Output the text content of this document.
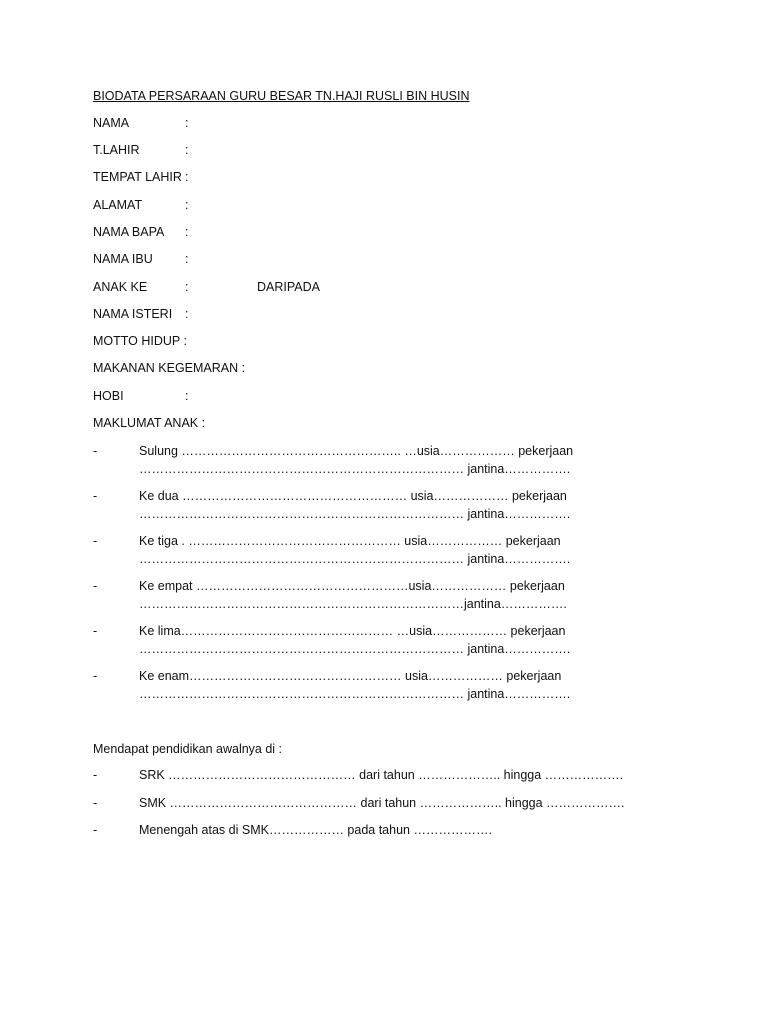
BIODATA PERSARAAN GURU BESAR TN.HAJI RUSLI BIN HUSIN
NAMA	:
T.LAHIR	:
TEMPAT LAHIR :
ALAMAT	:
NAMA BAPA :
NAMA IBU	:
ANAK KE	:	DARIPADA
NAMA ISTERI :
MOTTO HIDUP :
MAKANAN KEGEMARAN :
HOBI	:
MAKLUMAT ANAK :
-	Sulung …………………………………………….. …usia……………… pekerjaan
…………………………………………………………………… jantina…………….
-	Ke dua ……………………………………………… usia……………… pekerjaan
…………………………………………………………………… jantina…………….
-	Ke tiga . …………………………………………… usia……………… pekerjaan
…………………………………………………………………… jantina…………….
-	Ke empat ……………………………………………usia……………… pekerjaan
……………………………………………………………………jantina…………….
-	Ke lima…………………………………………… …usia……………… pekerjaan
…………………………………………………………………… jantina…………….
-	Ke enam…………………………………………… usia……………… pekerjaan
…………………………………………………………………… jantina…………….
Mendapat pendidikan awalnya di :
-	SRK ……………………………………… dari tahun ……………….. hingga ……………….
-	SMK ……………………………………… dari tahun ……………….. hingga ……………….
-	Menengah atas di SMK……………… pada tahun ……………….
